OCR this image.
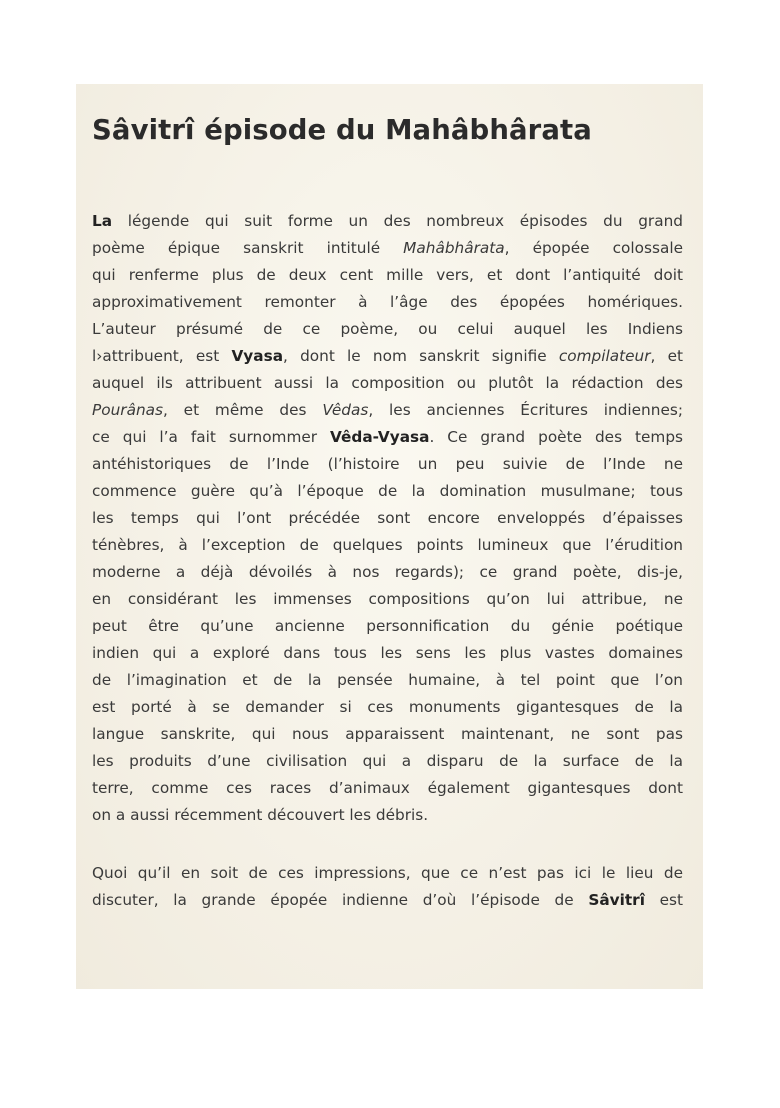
Sâvitrî épisode du Mahâbhârata
La légende qui suit forme un des nombreux épisodes du grand
poème épique sanskrit intitulé Mahâbhârata, épopée colossale
qui renferme plus de deux cent mille vers, et dont l’antiquité doit
approximativement remonter à l’âge des épopées homériques.
L’auteur présumé de ce poème, ou celui auquel les Indiens
l›attribuent, est Vyasa, dont le nom sanskrit signifie compilateur, et
auquel ils attribuent aussi la composition ou plutôt la rédaction des
Pourânas, et même des Vêdas, les anciennes Écritures indiennes;
ce qui l’a fait surnommer Vêda-Vyasa. Ce grand poète des temps
antéhistoriques de l’Inde (l’histoire un peu suivie de l’Inde ne
commence guère qu’à l’époque de la domination musulmane; tous
les temps qui l’ont précédée sont encore enveloppés d’épaisses
ténèbres, à l’exception de quelques points lumineux que l’érudition
moderne a déjà dévoilés à nos regards); ce grand poète, dis-je,
en considérant les immenses compositions qu’on lui attribue, ne
peut être qu’une ancienne personnification du génie poétique
indien qui a exploré dans tous les sens les plus vastes domaines
de l’imagination et de la pensée humaine, à tel point que l’on
est porté à se demander si ces monuments gigantesques de la
langue sanskrite, qui nous apparaissent maintenant, ne sont pas
les produits d’une civilisation qui a disparu de la surface de la
terre, comme ces races d’animaux également gigantesques dont
on a aussi récemment découvert les débris.
Quoi qu’il en soit de ces impressions, que ce n’est pas ici le lieu de
discuter, la grande épopée indienne d’où l’épisode de Sâvitrî est
